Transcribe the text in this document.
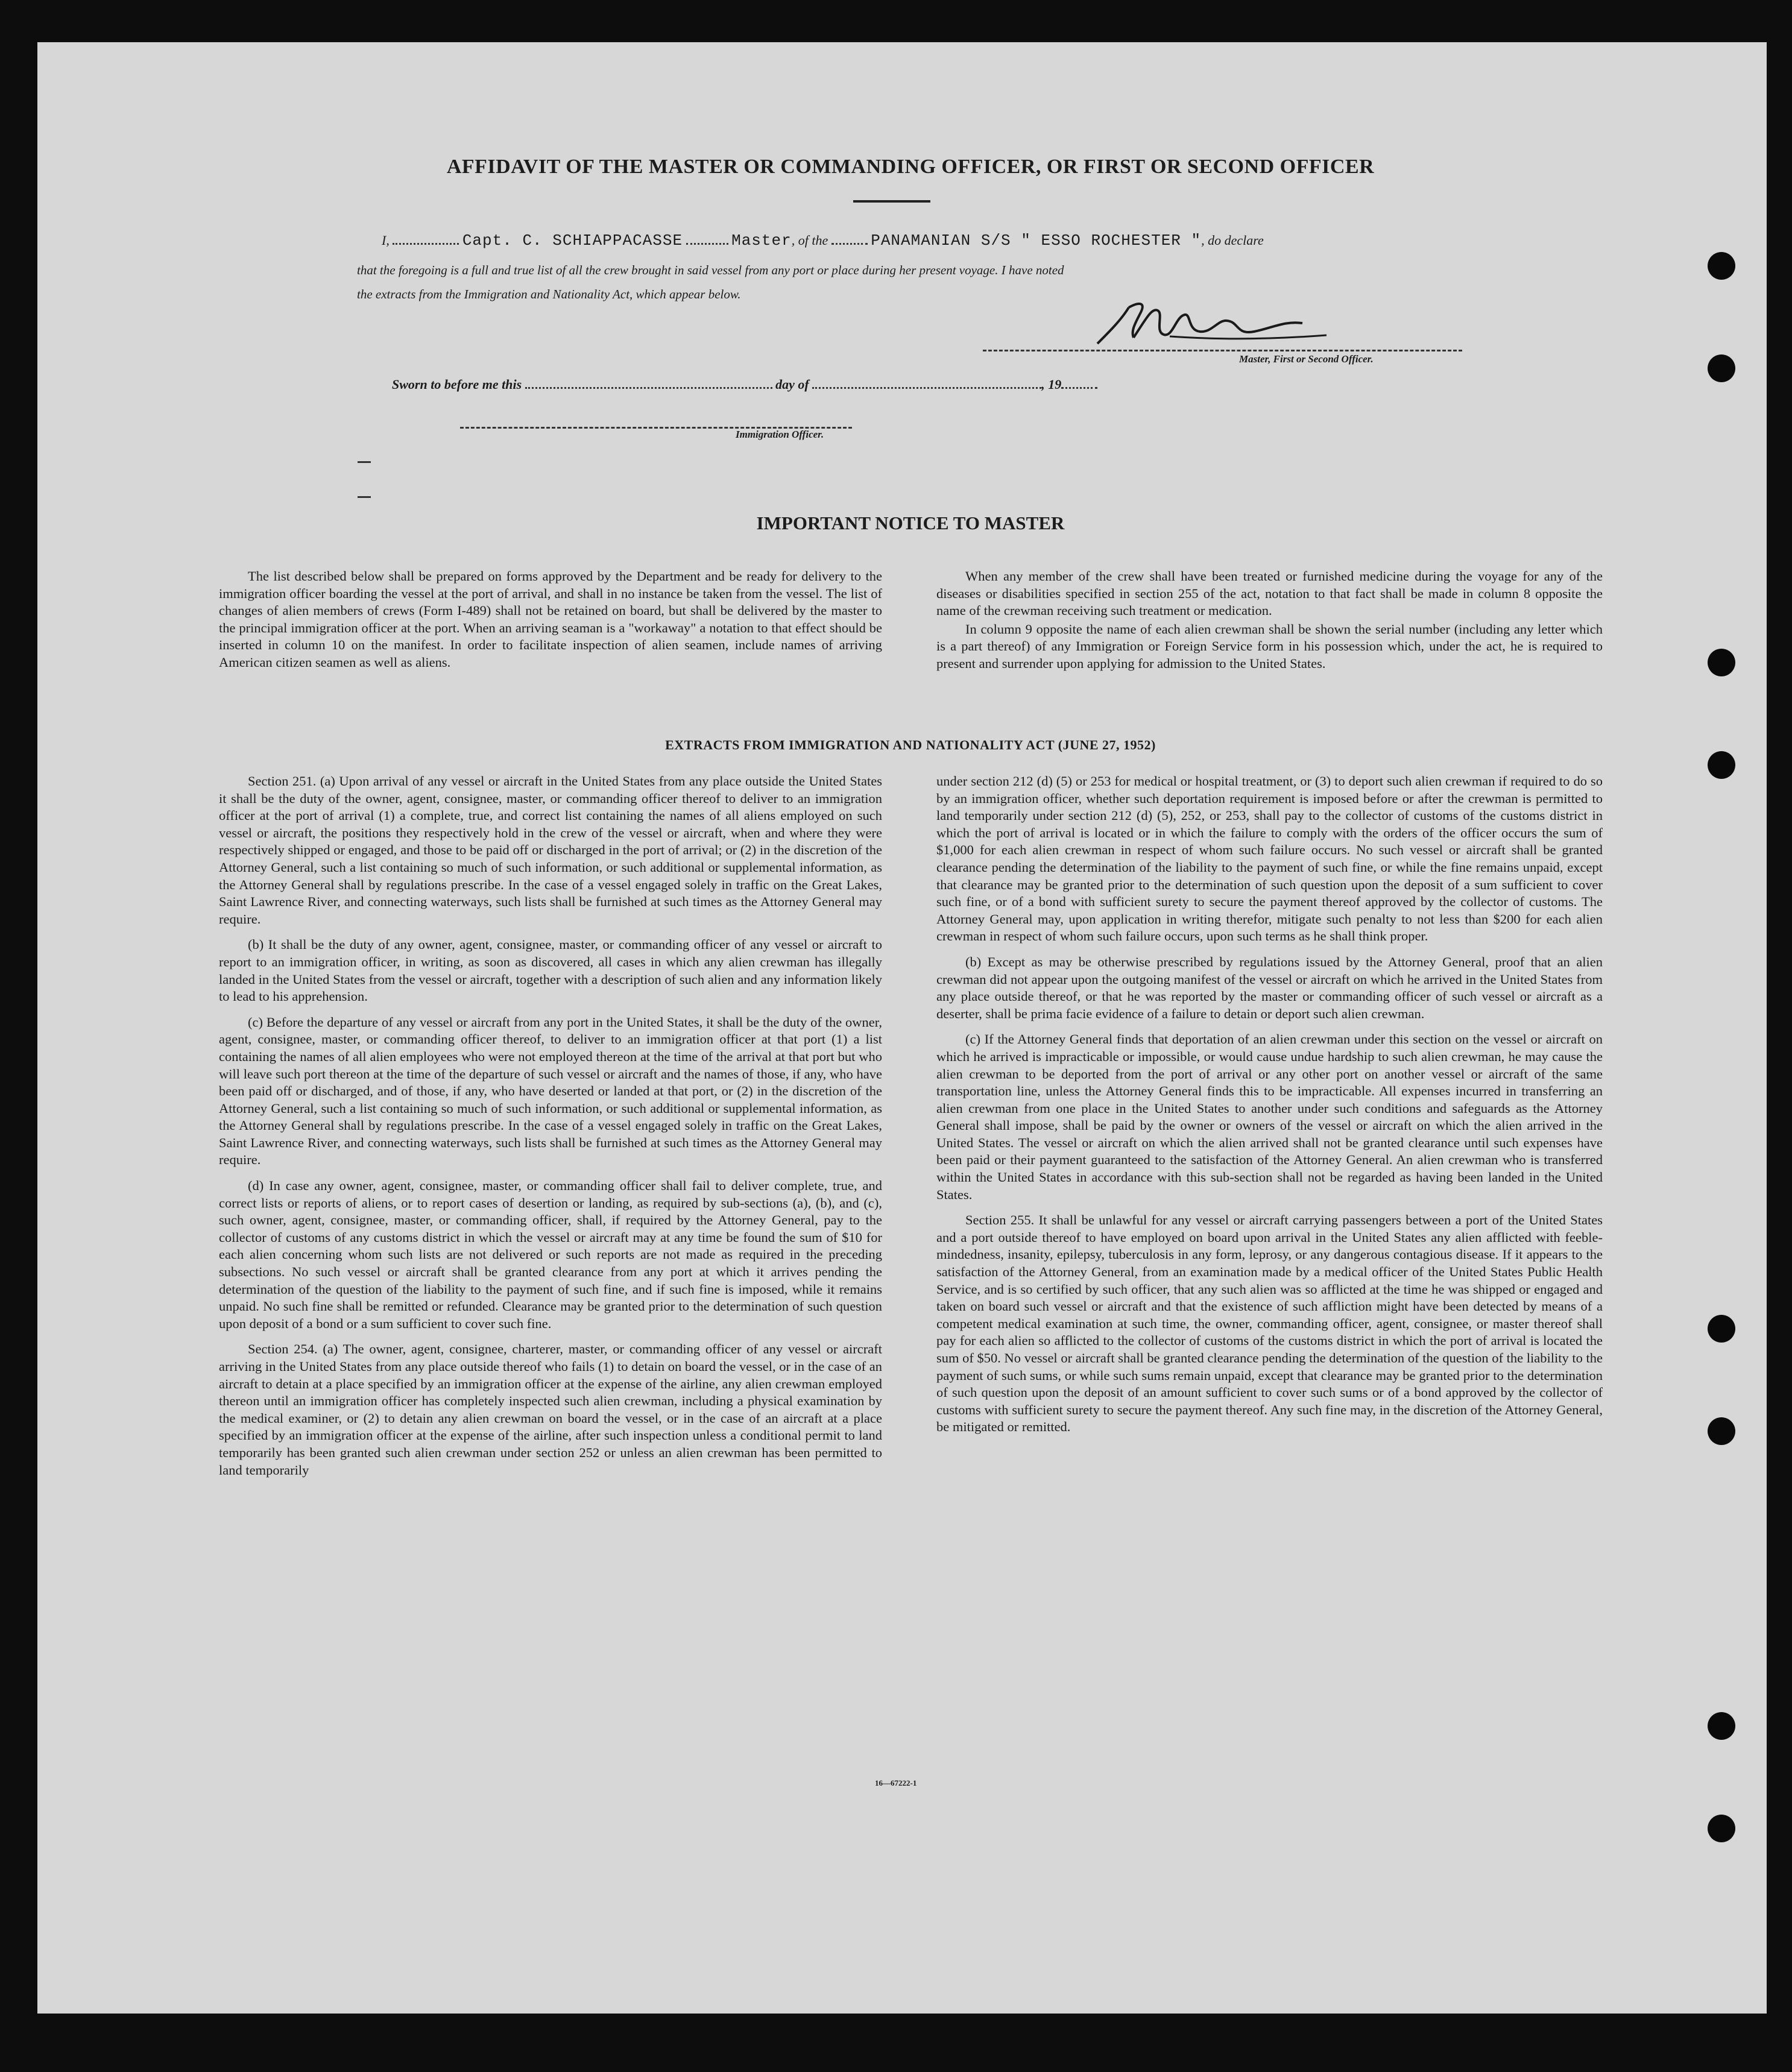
AFFIDAVIT OF THE MASTER OR COMMANDING OFFICER, OR FIRST OR SECOND OFFICER
I,	Capt. C. SCHIAPPACASSE	Master, of the	PANAMANIAN S/S " ESSO ROCHESTER ", do declare
that the foregoing is a full and true list of all the crew brought in said vessel from any port or place during her present voyage. I have noted
the extracts from the Immigration and Nationality Act, which appear below.
Master, First or Second Officer.
Sworn to before me this	day of	, 19
Immigration Officer.
IMPORTANT NOTICE TO MASTER

The list described below shall be prepared on forms approved by the Department and be ready for delivery to the immigration officer boarding the vessel at the port of arrival, and shall in no instance be taken from the vessel. The list of changes of alien members of crews (Form I-489) shall not be retained on board, but shall be delivered by the master to the principal immigration officer at the port. When an arriving seaman is a "workaway" a notation to that effect should be inserted in column 10 on the manifest. In order to facilitate inspection of alien seamen, include names of arriving American citizen seamen as well as aliens.

When any member of the crew shall have been treated or furnished medicine during the voyage for any of the diseases or disabilities specified in section 255 of the act, notation to that fact shall be made in column 8 opposite the name of the crewman receiving such treatment or medication.

In column 9 opposite the name of each alien crewman shall be shown the serial number (including any letter which is a part thereof) of any Immigration or Foreign Service form in his possession which, under the act, he is required to present and surrender upon applying for admission to the United States.

EXTRACTS FROM IMMIGRATION AND NATIONALITY ACT (JUNE 27, 1952)

Section 251. (a) Upon arrival of any vessel or aircraft in the United States from any place outside the United States it shall be the duty of the owner, agent, consignee, master, or commanding officer thereof to deliver to an immigration officer at the port of arrival (1) a complete, true, and correct list containing the names of all aliens employed on such vessel or aircraft, the positions they respectively hold in the crew of the vessel or aircraft, when and where they were respectively shipped or engaged, and those to be paid off or discharged in the port of arrival; or (2) in the discretion of the Attorney General, such a list containing so much of such information, or such additional or supplemental information, as the Attorney General shall by regulations prescribe. In the case of a vessel engaged solely in traffic on the Great Lakes, Saint Lawrence River, and connecting waterways, such lists shall be furnished at such times as the Attorney General may require.

(b) It shall be the duty of any owner, agent, consignee, master, or commanding officer of any vessel or aircraft to report to an immigration officer, in writing, as soon as discovered, all cases in which any alien crewman has illegally landed in the United States from the vessel or aircraft, together with a description of such alien and any information likely to lead to his apprehension.

(c) Before the departure of any vessel or aircraft from any port in the United States, it shall be the duty of the owner, agent, consignee, master, or commanding officer thereof, to deliver to an immigration officer at that port (1) a list containing the names of all alien employees who were not employed thereon at the time of the arrival at that port but who will leave such port thereon at the time of the departure of such vessel or aircraft and the names of those, if any, who have been paid off or discharged, and of those, if any, who have deserted or landed at that port, or (2) in the discretion of the Attorney General, such a list containing so much of such information, or such additional or supplemental information, as the Attorney General shall by regulations prescribe. In the case of a vessel engaged solely in traffic on the Great Lakes, Saint Lawrence River, and connecting waterways, such lists shall be furnished at such times as the Attorney General may require.

(d) In case any owner, agent, consignee, master, or commanding officer shall fail to deliver complete, true, and correct lists or reports of aliens, or to report cases of desertion or landing, as required by sub-sections (a), (b), and (c), such owner, agent, consignee, master, or commanding officer, shall, if required by the Attorney General, pay to the collector of customs of any customs district in which the vessel or aircraft may at any time be found the sum of $10 for each alien concerning whom such lists are not delivered or such reports are not made as required in the preceding subsections. No such vessel or aircraft shall be granted clearance from any port at which it arrives pending the determination of the question of the liability to the payment of such fine, and if such fine is imposed, while it remains unpaid. No such fine shall be remitted or refunded. Clearance may be granted prior to the determination of such question upon deposit of a bond or a sum sufficient to cover such fine.

Section 254. (a) The owner, agent, consignee, charterer, master, or commanding officer of any vessel or aircraft arriving in the United States from any place outside thereof who fails (1) to detain on board the vessel, or in the case of an aircraft to detain at a place specified by an immigration officer at the expense of the airline, any alien crewman employed thereon until an immigration officer has completely inspected such alien crewman, including a physical examination by the medical examiner, or (2) to detain any alien crewman on board the vessel, or in the case of an aircraft at a place specified by an immigration officer at the expense of the airline, after such inspection unless a conditional permit to land temporarily has been granted such alien crewman under section 252 or unless an alien crewman has been permitted to land temporarily

under section 212 (d) (5) or 253 for medical or hospital treatment, or (3) to deport such alien crewman if required to do so by an immigration officer, whether such deportation requirement is imposed before or after the crewman is permitted to land temporarily under section 212 (d) (5), 252, or 253, shall pay to the collector of customs of the customs district in which the port of arrival is located or in which the failure to comply with the orders of the officer occurs the sum of $1,000 for each alien crewman in respect of whom such failure occurs. No such vessel or aircraft shall be granted clearance pending the determination of the liability to the payment of such fine, or while the fine remains unpaid, except that clearance may be granted prior to the determination of such question upon the deposit of a sum sufficient to cover such fine, or of a bond with sufficient surety to secure the payment thereof approved by the collector of customs. The Attorney General may, upon application in writing therefor, mitigate such penalty to not less than $200 for each alien crewman in respect of whom such failure occurs, upon such terms as he shall think proper.

(b) Except as may be otherwise prescribed by regulations issued by the Attorney General, proof that an alien crewman did not appear upon the outgoing manifest of the vessel or aircraft on which he arrived in the United States from any place outside thereof, or that he was reported by the master or commanding officer of such vessel or aircraft as a deserter, shall be prima facie evidence of a failure to detain or deport such alien crewman.

(c) If the Attorney General finds that deportation of an alien crewman under this section on the vessel or aircraft on which he arrived is impracticable or impossible, or would cause undue hardship to such alien crewman, he may cause the alien crewman to be deported from the port of arrival or any other port on another vessel or aircraft of the same transportation line, unless the Attorney General finds this to be impracticable. All expenses incurred in transferring an alien crewman from one place in the United States to another under such conditions and safeguards as the Attorney General shall impose, shall be paid by the owner or owners of the vessel or aircraft on which the alien arrived in the United States. The vessel or aircraft on which the alien arrived shall not be granted clearance until such expenses have been paid or their payment guaranteed to the satisfaction of the Attorney General. An alien crewman who is transferred within the United States in accordance with this sub-section shall not be regarded as having been landed in the United States.

Section 255. It shall be unlawful for any vessel or aircraft carrying passengers between a port of the United States and a port outside thereof to have employed on board upon arrival in the United States any alien afflicted with feeble-mindedness, insanity, epilepsy, tuberculosis in any form, leprosy, or any dangerous contagious disease. If it appears to the satisfaction of the Attorney General, from an examination made by a medical officer of the United States Public Health Service, and is so certified by such officer, that any such alien was so afflicted at the time he was shipped or engaged and taken on board such vessel or aircraft and that the existence of such affliction might have been detected by means of a competent medical examination at such time, the owner, commanding officer, agent, consignee, or master thereof shall pay for each alien so afflicted to the collector of customs of the customs district in which the port of arrival is located the sum of $50. No vessel or aircraft shall be granted clearance pending the determination of the question of the liability to the payment of such sums, or while such sums remain unpaid, except that clearance may be granted prior to the determination of such question upon the deposit of an amount sufficient to cover such sums or of a bond approved by the collector of customs with sufficient surety to secure the payment thereof. Any such fine may, in the discretion of the Attorney General, be mitigated or remitted.

16—67222-1
